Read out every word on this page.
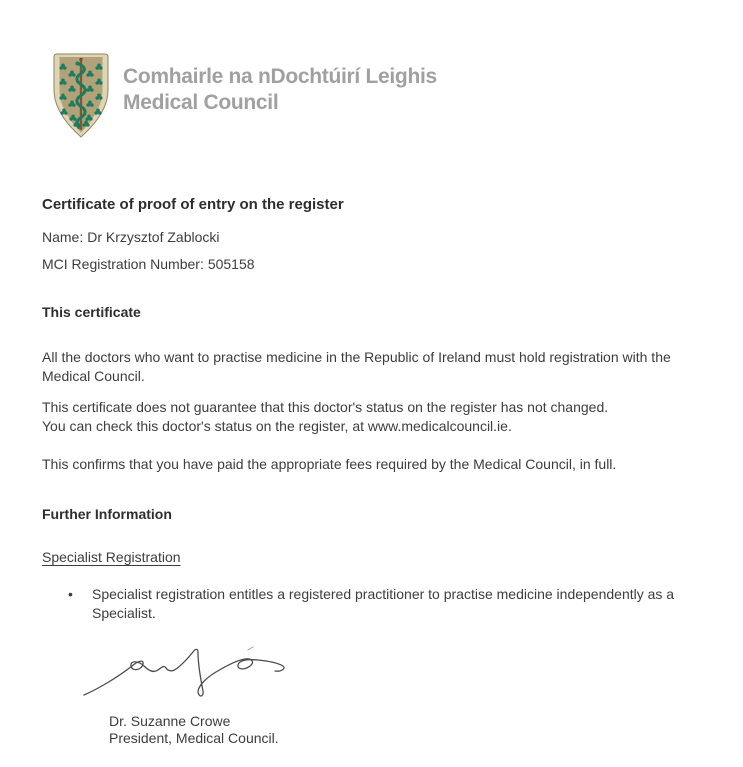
Comhairle na nDochtúirí Leighis
Medical Council
Certificate of proof of entry on the register
Name: Dr Krzysztof Zablocki
MCI Registration Number: 505158
This certificate
All the doctors who want to practise medicine in the Republic of Ireland must hold registration with the
Medical Council.
This certificate does not guarantee that this doctor's status on the register has not changed.
You can check this doctor's status on the register, at www.medicalcouncil.ie.
This confirms that you have paid the appropriate fees required by the Medical Council, in full.
Further Information
Specialist Registration
•	Specialist registration entitles a registered practitioner to practise medicine independently as a
Specialist.
Dr. Suzanne Crowe
President, Medical Council.
